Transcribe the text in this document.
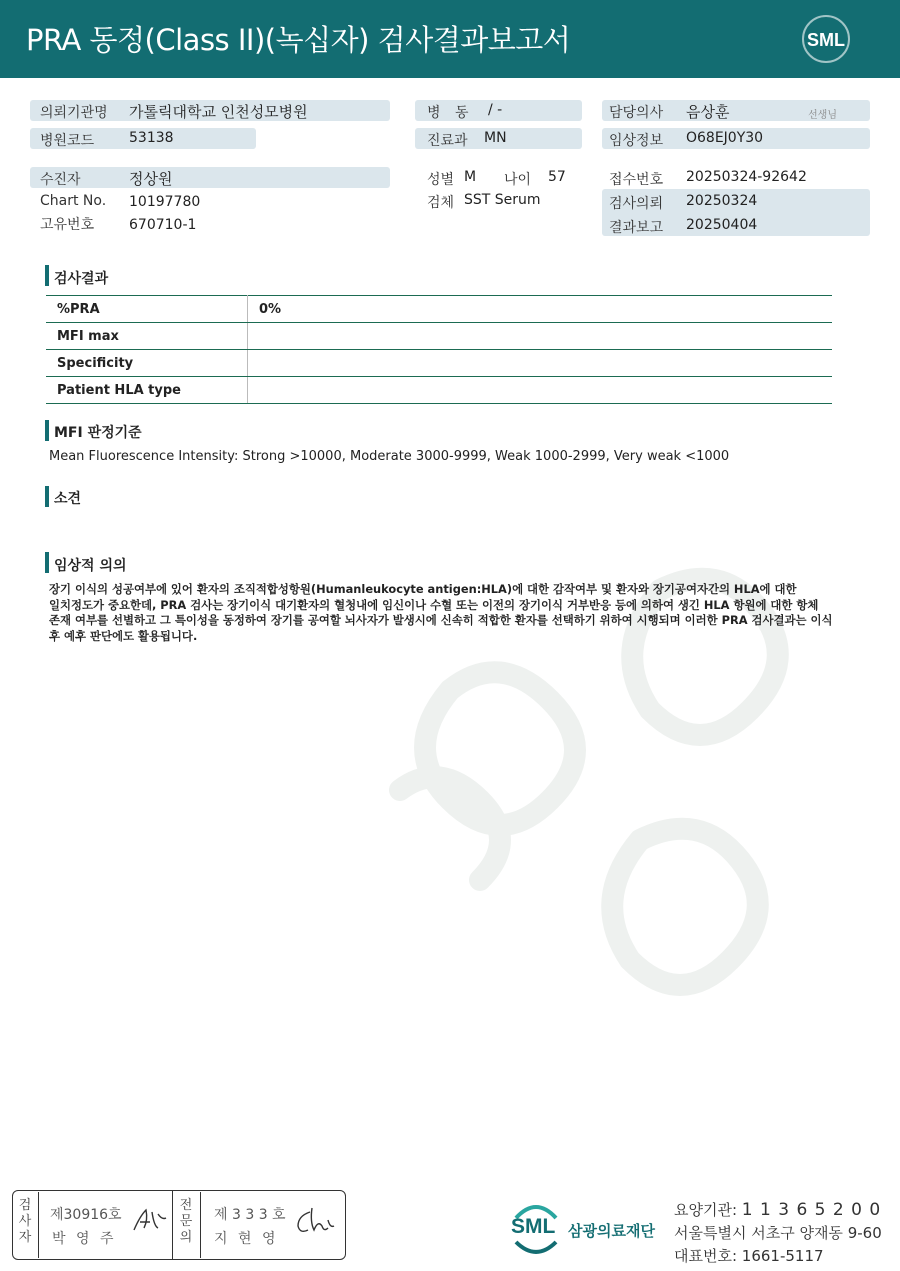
PRA 동정(Class II)(녹십자) 검사결과보고서	SML
의뢰기관명 가톨릭대학교 인천성모병원
병원코드 53138
수진자	정상원
Chart No. 10197780
고유번호 670710-1
병 동 / -
진료과 MN
성별 M 나이 57
검체 SST Serum
담당의사 음상훈	선생님
임상정보 O68EJ0Y30
접수번호 20250324-92642
검사의뢰 20250324
결과보고 20250404
검사결과
%PRA	0%
MFI max	
Specificity	
Patient HLA type	
MFI 판정기준
Mean Fluorescence Intensity: Strong >10000, Moderate 3000-9999, Weak 1000-2999, Very weak <1000
소견
임상적 의의
장기 이식의 성공여부에 있어 환자의 조직적합성항원(Humanleukocyte antigen:HLA)에 대한 감작여부 및 환자와 장기공여자간의 HLA에 대한
일치정도가 중요한데, PRA 검사는 장기이식 대기환자의 혈청내에 임신이나 수혈 또는 이전의 장기이식 거부반응 등에 의하여 생긴 HLA 항원에 대한 항체
존재 여부를 선별하고 그 특이성을 동정하여 장기를 공여할 뇌사자가 발생시에 신속히 적합한 환자를 선택하기 위하여 시행되며 이러한 PRA 검사결과는 이식
후 예후 판단에도 활용됩니다.
검 사 자
제30916호
박 영 주
전 문 의
제 3 3 3 호
지 현 영
SML 삼광의료재단
요양기관: 1 1 3 6 5 2 0 0
서울특별시 서초구 양재동 9-60
대표번호: 1661-5117
